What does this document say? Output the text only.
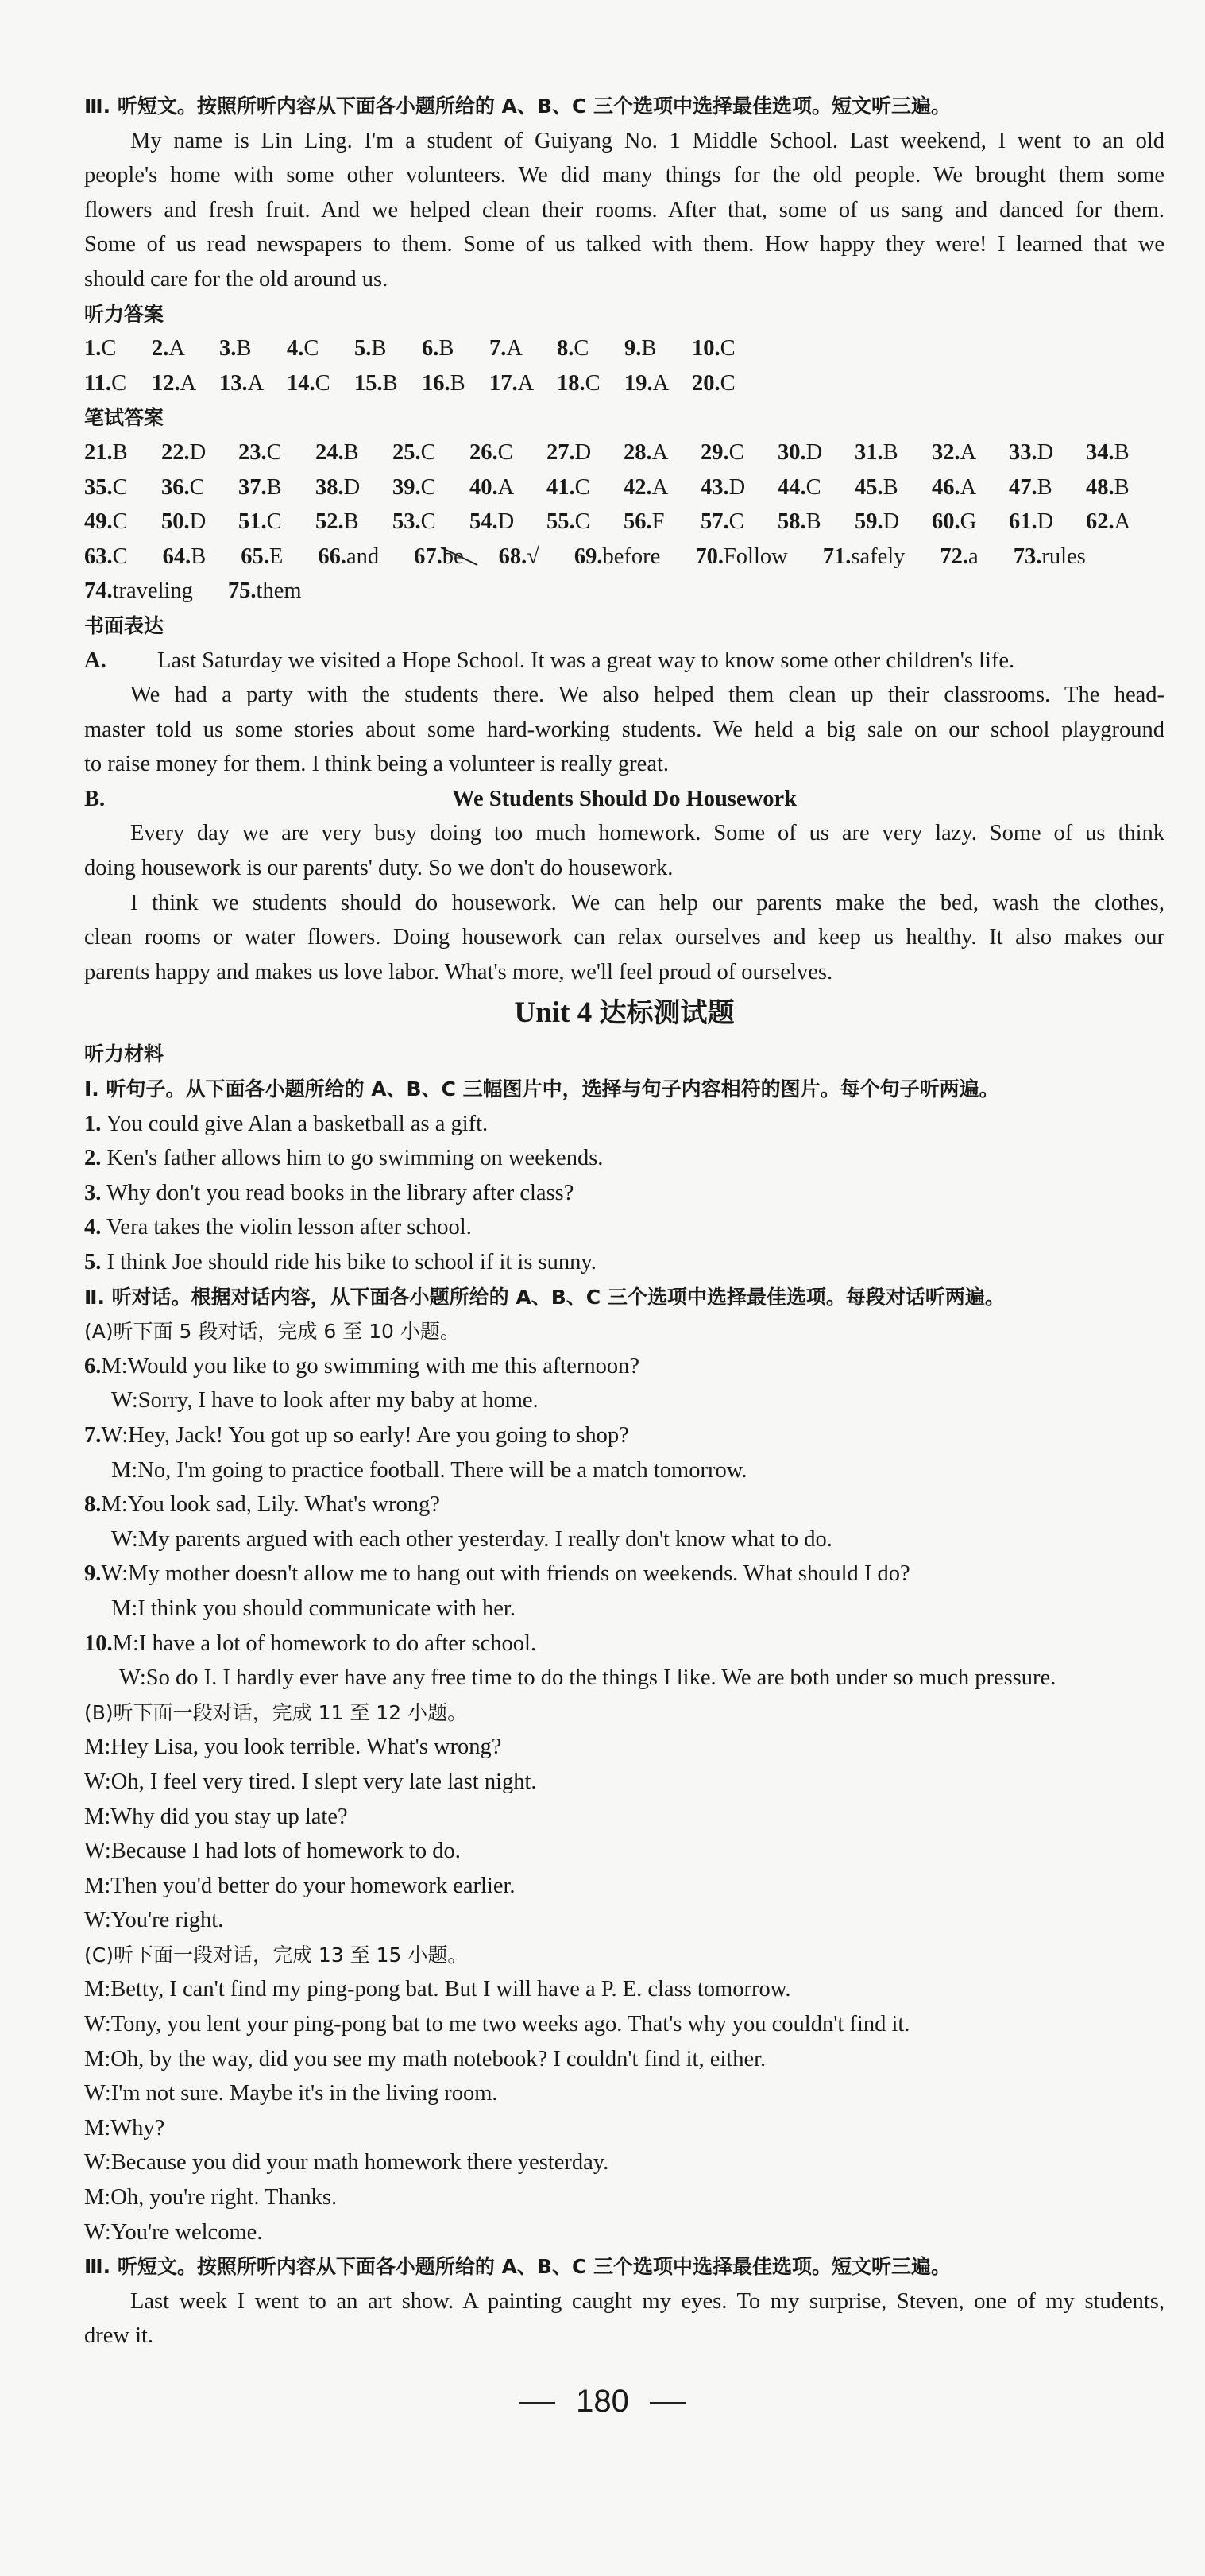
Ⅲ. 听短文。按照所听内容从下面各小题所给的 A、B、C 三个选项中选择最佳选项。短文听三遍。

My name is Lin Ling. I'm a student of Guiyang No. 1 Middle School. Last weekend, I went to an old

people's home with some other volunteers. We did many things for the old people. We brought them some

flowers and fresh fruit. And we helped clean their rooms. After that, some of us sang and danced for them.

Some of us read newspapers to them. Some of us talked with them. How happy they were! I learned that we

should care for the old around us.

听力答案

1.C	2.A	3.B	4.C	5.B	6.B	7.A	8.C	9.B	10.C
11.C	12.A	13.A	14.C	15.B	16.B	17.A	18.C	19.A	20.C

笔试答案

21.B	22.D	23.C	24.B	25.C	26.C	27.D	28.A	29.C	30.D	31.B	32.A	33.D	34.B
35.C	36.C	37.B	38.D	39.C	40.A	41.C	42.A	43.D	44.C	45.B	46.A	47.B	48.B
49.C	50.D	51.C	52.B	53.C	54.D	55.C	56.F	57.C	58.B	59.D	60.G	61.D	62.A
63.C	64.B	65.E	66.and	67.be	68.√	69.before	70.Follow	71.safely	72.a	73.rules
74.traveling	75.them

书面表达

A. Last Saturday we visited a Hope School. It was a great way to know some other children's life.

We had a party with the students there. We also helped them clean up their classrooms. The head-

master told us some stories about some hard-working students. We held a big sale on our school playground

to raise money for them. I think being a volunteer is really great.

B.	We Students Should Do Housework

Every day we are very busy doing too much homework. Some of us are very lazy. Some of us think

doing housework is our parents' duty. So we don't do housework.

I think we students should do housework. We can help our parents make the bed, wash the clothes,

clean rooms or water flowers. Doing housework can relax ourselves and keep us healthy. It also makes our

parents happy and makes us love labor. What's more, we'll feel proud of ourselves.

Unit 4 达标测试题

听力材料

Ⅰ. 听句子。从下面各小题所给的 A、B、C 三幅图片中，选择与句子内容相符的图片。每个句子听两遍。

1. You could give Alan a basketball as a gift.

2. Ken's father allows him to go swimming on weekends.

3. Why don't you read books in the library after class?

4. Vera takes the violin lesson after school.

5. I think Joe should ride his bike to school if it is sunny.

Ⅱ. 听对话。根据对话内容，从下面各小题所给的 A、B、C 三个选项中选择最佳选项。每段对话听两遍。

(A)听下面 5 段对话，完成 6 至 10 小题。

6.M:Would you like to go swimming with me this afternoon?

W:Sorry, I have to look after my baby at home.

7.W:Hey, Jack! You got up so early! Are you going to shop?

M:No, I'm going to practice football. There will be a match tomorrow.

8.M:You look sad, Lily. What's wrong?

W:My parents argued with each other yesterday. I really don't know what to do.

9.W:My mother doesn't allow me to hang out with friends on weekends. What should I do?

M:I think you should communicate with her.

10.M:I have a lot of homework to do after school.

W:So do I. I hardly ever have any free time to do the things I like. We are both under so much pressure.

(B)听下面一段对话，完成 11 至 12 小题。

M:Hey Lisa, you look terrible. What's wrong?

W:Oh, I feel very tired. I slept very late last night.

M:Why did you stay up late?

W:Because I had lots of homework to do.

M:Then you'd better do your homework earlier.

W:You're right.

(C)听下面一段对话，完成 13 至 15 小题。

M:Betty, I can't find my ping-pong bat. But I will have a P. E. class tomorrow.

W:Tony, you lent your ping-pong bat to me two weeks ago. That's why you couldn't find it.

M:Oh, by the way, did you see my math notebook? I couldn't find it, either.

W:I'm not sure. Maybe it's in the living room.

M:Why?

W:Because you did your math homework there yesterday.

M:Oh, you're right. Thanks.

W:You're welcome.

Ⅲ. 听短文。按照所听内容从下面各小题所给的 A、B、C 三个选项中选择最佳选项。短文听三遍。

Last week I went to an art show. A painting caught my eyes. To my surprise, Steven, one of my students,

drew it.

180
